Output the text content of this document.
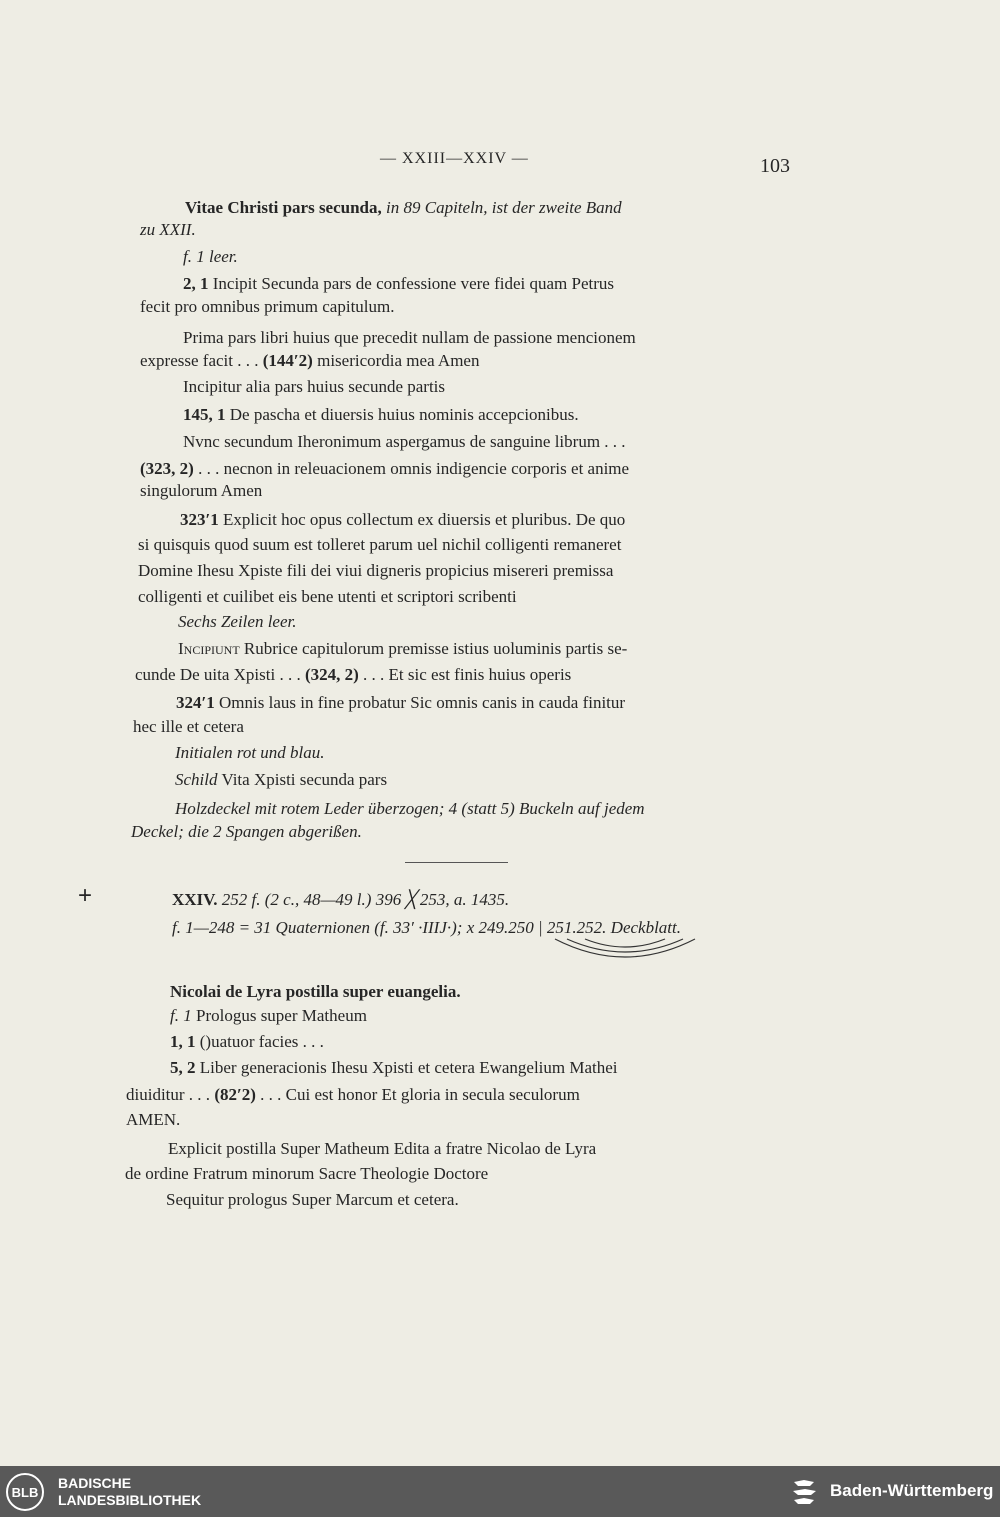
— XXIII—XXIV —	103
Vitae Christi pars secunda, in 89 Capiteln, ist der zweite Band
zu XXII.
f. 1 leer.
2, 1 Incipit Secunda pars de confessione vere fidei quam Petrus
fecit pro omnibus primum capitulum.
Prima pars libri huius que precedit nullam de passione mencionem
expresse facit . . . (144′2) misericordia mea Amen
Incipitur alia pars huius secunde partis
145, 1 De pascha et diuersis huius nominis accepcionibus.
Nvnc secundum Iheronimum aspergamus de sanguine librum . . .
(323, 2) . . . necnon in releuacionem omnis indigencie corporis et anime
singulorum Amen
323′1 Explicit hoc opus collectum ex diuersis et pluribus. De quo
si quisquis quod suum est tolleret parum uel nichil colligenti remaneret
Domine Ihesu Xpiste fili dei viui digneris propicius misereri premissa
colligenti et cuilibet eis bene utenti et scriptori scribenti
Sechs Zeilen leer.
Incipiunt Rubrice capitulorum premisse istius uoluminis partis se-
cunde De uita Xpisti . . . (324, 2) . . . Et sic est finis huius operis
324′1 Omnis laus in fine probatur Sic omnis canis in cauda finitur
hec ille et cetera
Initialen rot und blau.
Schild Vita Xpisti secunda pars
Holzdeckel mit rotem Leder überzogen; 4 (statt 5) Buckeln auf jedem
Deckel; die 2 Spangen abgerißen.
+	XXIV. 252 f. (2 c., 48—49 l.) 396 ╳ 253, a. 1435.
f. 1—248 = 31 Quaternionen (f. 33′ ·IIIJ·); x 249.250 | 251.252. Deckblatt.
Nicolai de Lyra postilla super euangelia.
f. 1 Prologus super Matheum
1, 1 ()uatuor facies . . .
5, 2 Liber generacionis Ihesu Xpisti et cetera Ewangelium Mathei
diuiditur . . . (82′2) . . . Cui est honor Et gloria in secula seculorum
AMEN.
Explicit postilla Super Matheum Edita a fratre Nicolao de Lyra
de ordine Fratrum minorum Sacre Theologie Doctore
Sequitur prologus Super Marcum et cetera.
BLB
BADISCHE
LANDESBIBLIOTHEK	Baden-Württemberg
